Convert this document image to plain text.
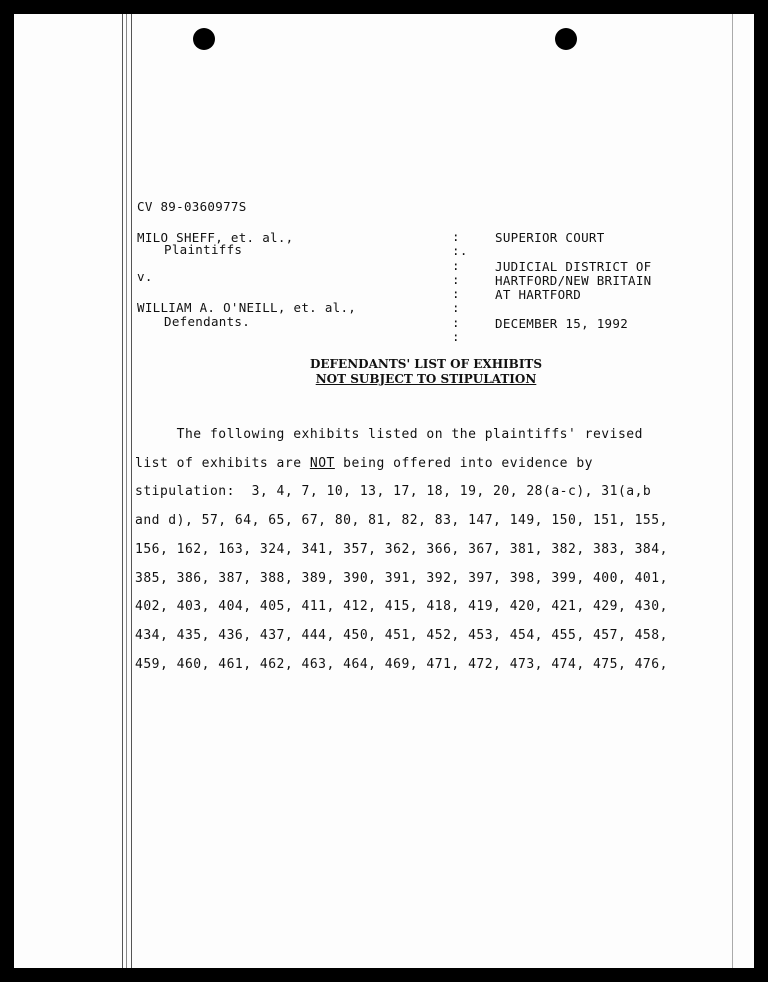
CV 89-0360977S
MILO SHEFF, et. al.,
Plaintiffs
v.
WILLIAM A. O'NEILL, et. al.,
Defendants.
:
:.
:
:
:
:
:
:
SUPERIOR COURT
JUDICIAL DISTRICT OF
HARTFORD/NEW BRITAIN
AT HARTFORD
DECEMBER 15, 1992
DEFENDANTS' LIST OF EXHIBITS
NOT SUBJECT TO STIPULATION
The following exhibits listed on the plaintiffs' revised
list of exhibits are NOT being offered into evidence by
stipulation:  3, 4, 7, 10, 13, 17, 18, 19, 20, 28(a-c), 31(a,b
and d), 57, 64, 65, 67, 80, 81, 82, 83, 147, 149, 150, 151, 155,
156, 162, 163, 324, 341, 357, 362, 366, 367, 381, 382, 383, 384,
385, 386, 387, 388, 389, 390, 391, 392, 397, 398, 399, 400, 401,
402, 403, 404, 405, 411, 412, 415, 418, 419, 420, 421, 429, 430,
434, 435, 436, 437, 444, 450, 451, 452, 453, 454, 455, 457, 458,
459, 460, 461, 462, 463, 464, 469, 471, 472, 473, 474, 475, 476,
